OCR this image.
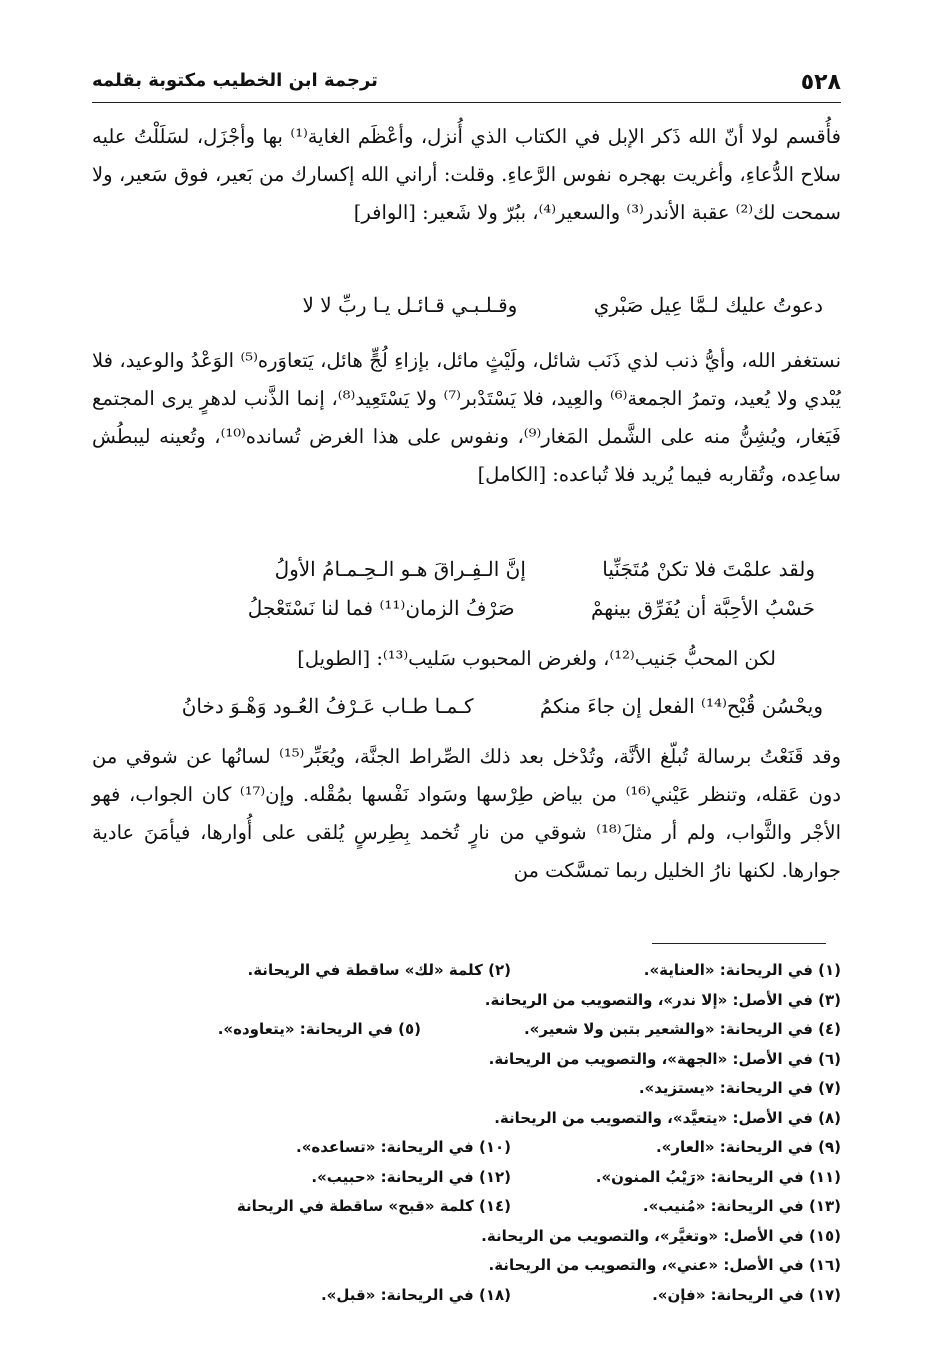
٥٢٨
ترجمة ابن الخطيب مكتوبة بقلمه

فأُقسم لولا أنّ الله ذَكر الإبل في الكتاب الذي أُنزل، وأعْظَم الغاية⁽¹⁾ بها وأجْزَل، لسَلَلْتُ عليه سلاح الدُّعاءِ، وأغريت بهجره نفوس الرَّعاءِ. وقلت: أراني الله إكسارك من بَعير، فوق سَعير، ولا سمحت لك⁽²⁾ عقبة الأندر⁽³⁾ والسعير⁽⁴⁾، ببُرّ ولا شَعير: [الوافر]

دعوتُ عليك لـمَّا عِيل صَبْري وقـلـبـي قـائـل يـا ربِّ لا لا

نستغفر الله، وأيُّ ذنب لذي ذَنَب شائل، ولَيْثٍ مائل، بإزاءِ لُجٍّ هائل، يَتعاوَره⁽⁵⁾ الوَعْدُ والوعيد، فلا يُبْدي ولا يُعيد، وتمرُ الجمعة⁽⁶⁾ والعِيد، فلا يَسْتَدْبر⁽⁷⁾ ولا يَسْتَعِيد⁽⁸⁾، إنما الذَّنب لدهرٍ يرى المجتمع فَيَغار، ويُشِنُّ منه على الشَّمل المَغار⁽⁹⁾، ونفوس على هذا الغرض تُسانده⁽¹⁰⁾، وتُعينه ليبطُش ساعِده، وتُقاربه فيما يُريد فلا تُباعده: [الكامل]

ولقد علمْتَ فلا تكنْ مُتَجَنِّيا إنَّ الـفِـراقَ هـو الـحِـمـامُ الأولُ
حَسْبُ الأحِبَّة أن يُفَرِّق بينهمْ صَرْفُ الزمان⁽¹¹⁾ فما لنا نَسْتَعْجلُ

لكن المحبُّ جَنيب⁽¹²⁾، ولغرض المحبوب سَليب⁽¹³⁾: [الطويل]

ويحْسُن قُبْح⁽¹⁴⁾ الفعل إن جاءَ منكمُ كـمـا طـاب عَـرْفُ العُـود وَهْـوَ دخانُ

وقد قَنَعْتُ برسالة تُبلّغ الأنَّة، وتُدْخل بعد ذلك الصِّراط الجنَّة، ويُعَبِّر⁽¹⁵⁾ لسانُها عن شوقي من دون عَقله، وتنظر عَيْني⁽¹⁶⁾ من بياض طِرْسها وسَواد نَفْسها بمُقْله. وإن⁽¹⁷⁾ كان الجواب، فهو الأجْر والثَّواب، ولم أر مثلَ⁽¹⁸⁾ شوقي من نارٍ تُخمد بِطِرسٍ يُلقى على أُوارها، فيأمَنَ عادية جوارها. لكنها نارُ الخليل ربما تمسَّكت من

(١) في الريحانة: «العناية».
(٢) كلمة «لك» ساقطة في الريحانة.
(٣) في الأصل: «إلا ندر»، والتصويب من الريحانة.
(٤) في الريحانة: «والشعير بتبن ولا شعير».
(٥) في الريحانة: «يتعاوده».
(٦) في الأصل: «الجهة»، والتصويب من الريحانة.
(٧) في الريحانة: «يستزيد».
(٨) في الأصل: «يتعيَّد»، والتصويب من الريحانة.
(٩) في الريحانة: «العار».
(١٠) في الريحانة: «تساعده».
(١١) في الريحانة: «رَيْبُ المنون».
(١٢) في الريحانة: «حبيب».
(١٣) في الريحانة: «مُنيب».
(١٤) كلمة «قبح» ساقطة في الريحانة
(١٥) في الأصل: «وتغيَّر»، والتصويب من الريحانة.
(١٦) في الأصل: «عني»، والتصويب من الريحانة.
(١٧) في الريحانة: «فإن».
(١٨) في الريحانة: «قبل».
